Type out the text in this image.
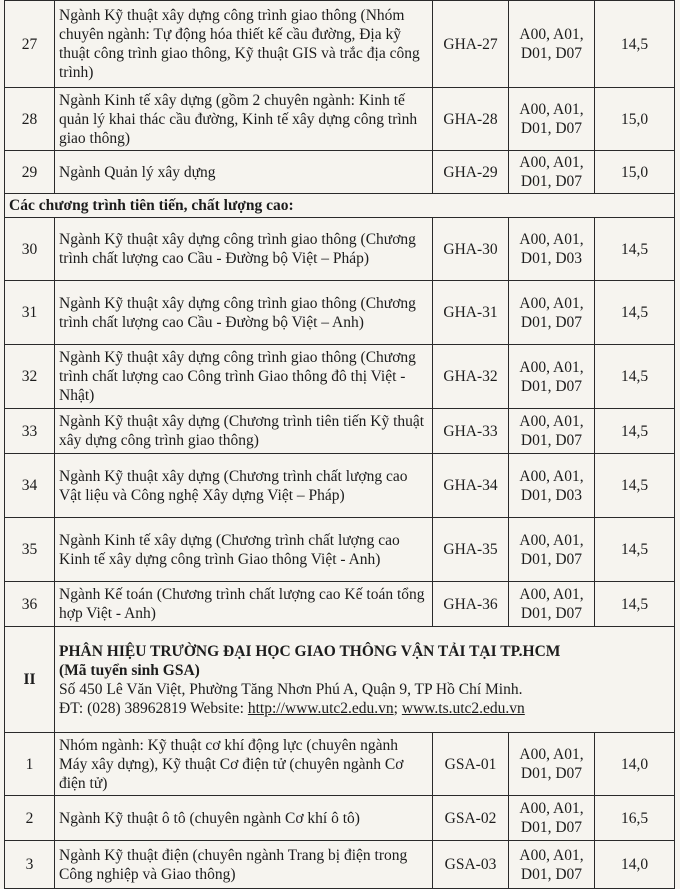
27	Ngành Kỹ thuật xây dựng công trình giao thông (Nhóm chuyên ngành: Tự động hóa thiết kế cầu đường, Địa kỹ thuật công trình giao thông, Kỹ thuật GIS và trắc địa công trình)	GHA-27	A00, A01,
D01, D07	14,5
28	Ngành Kinh tế xây dựng (gồm 2 chuyên ngành: Kinh tế quản lý khai thác cầu đường, Kinh tế xây dựng công trình giao thông)	GHA-28	A00, A01,
D01, D07	15,0
29	Ngành Quản lý xây dựng	GHA-29	A00, A01,
D01, D07	15,0
Các chương trình tiên tiến, chất lượng cao:				
30	Ngành Kỹ thuật xây dựng công trình giao thông (Chương trình chất lượng cao Cầu - Đường bộ Việt – Pháp)	GHA-30	A00, A01,
D01, D03	14,5
31	Ngành Kỹ thuật xây dựng công trình giao thông (Chương trình chất lượng cao Cầu - Đường bộ Việt – Anh)	GHA-31	A00, A01,
D01, D07	14,5
32	Ngành Kỹ thuật xây dựng công trình giao thông (Chương trình chất lượng cao Công trình Giao thông đô thị Việt - Nhật)	GHA-32	A00, A01,
D01, D07	14,5
33	Ngành Kỹ thuật xây dựng (Chương trình tiên tiến Kỹ thuật xây dựng công trình giao thông)	GHA-33	A00, A01,
D01, D07	14,5
34	Ngành Kỹ thuật xây dựng (Chương trình chất lượng cao Vật liệu và Công nghệ Xây dựng Việt – Pháp)	GHA-34	A00, A01,
D01, D03	14,5
35	Ngành Kinh tế xây dựng (Chương trình chất lượng cao Kinh tế xây dựng công trình Giao thông Việt - Anh)	GHA-35	A00, A01,
D01, D07	14,5
36	Ngành Kế toán (Chương trình chất lượng cao Kế toán tổng hợp Việt - Anh)	GHA-36	A00, A01,
D01, D07	14,5
II	PHÂN HIỆU TRƯỜNG ĐẠI HỌC GIAO THÔNG VẬN TẢI TẠI TP.HCM
(Mã tuyển sinh GSA)
Số 450 Lê Văn Việt, Phường Tăng Nhơn Phú A, Quận 9, TP Hồ Chí Minh.
ĐT: (028) 38962819 Website: http://www.utc2.edu.vn; www.ts.utc2.edu.vn			

1	Nhóm ngành: Kỹ thuật cơ khí động lực (chuyên ngành Máy xây dựng), Kỹ thuật Cơ điện tử (chuyên ngành Cơ điện tử)	GSA-01	A00, A01,
D01, D07	14,0
2	Ngành Kỹ thuật ô tô (chuyên ngành Cơ khí ô tô)	GSA-02	A00, A01,
D01, D07	16,5
3	Ngành Kỹ thuật điện (chuyên ngành Trang bị điện trong Công nghiệp và Giao thông)	GSA-03	A00, A01,
D01, D07	14,0
